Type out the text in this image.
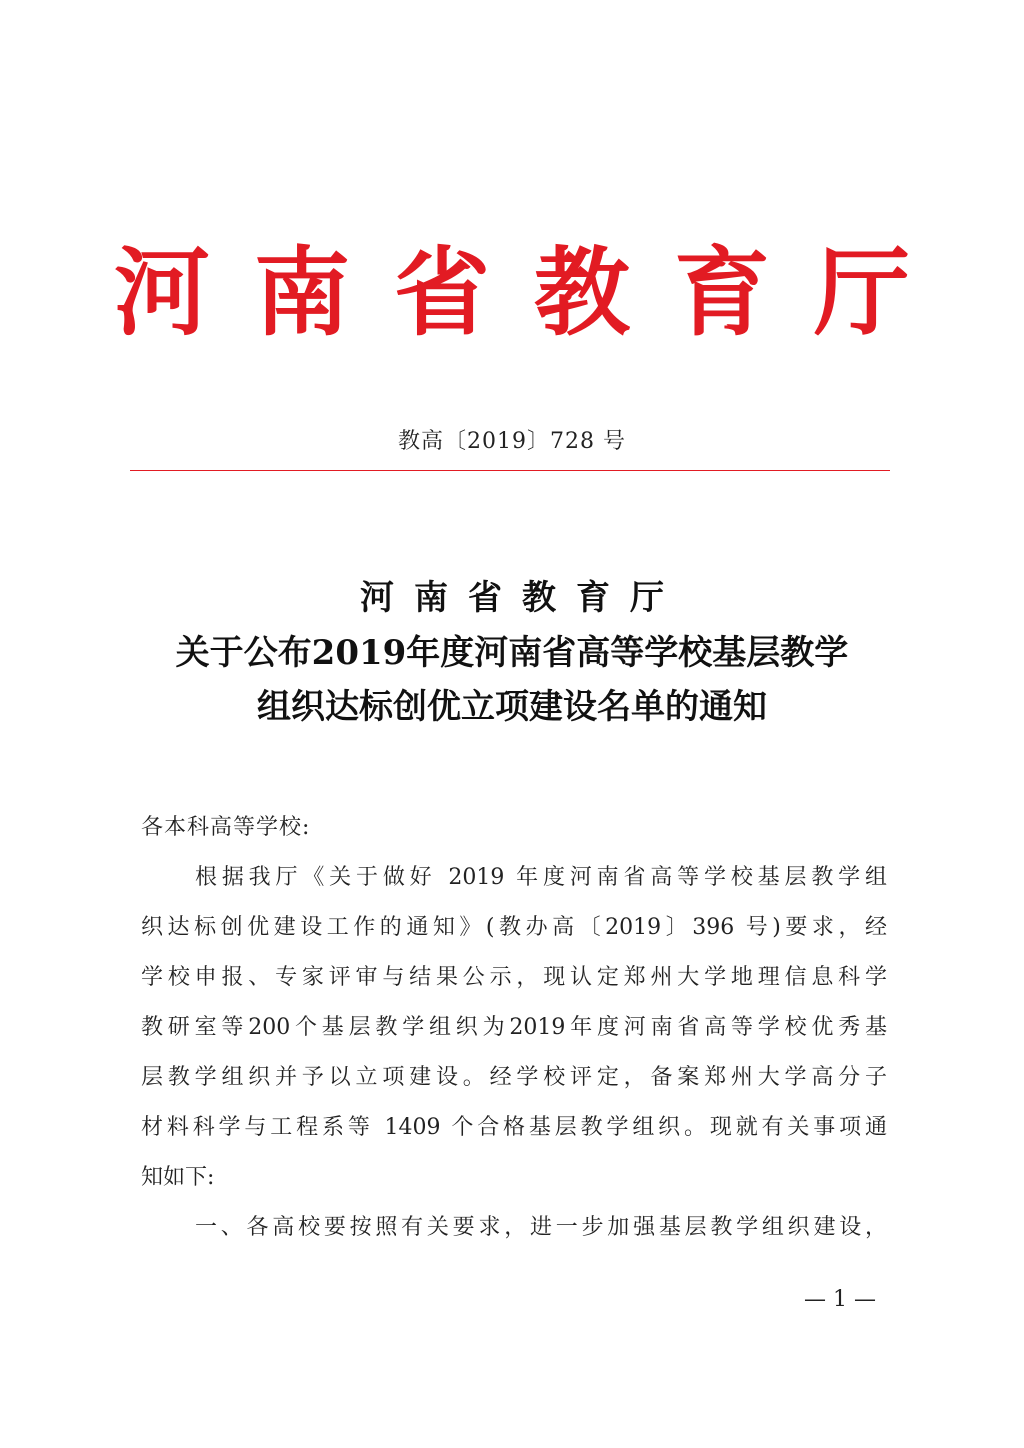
河 南 省 教 育 厅
教高〔2019〕728 号
河南省教育厅
关于公布2019年度河南省高等学校基层教学
组织达标创优立项建设名单的通知
各本科高等学校:
根据我厅《关于做好 2019 年度河南省高等学校基层教学组
织达标创优建设工作的通知》(教办高〔2019〕396 号)要求，经
学校申报、专家评审与结果公示，现认定郑州大学地理信息科学
教研室等200个基层教学组织为2019年度河南省高等学校优秀基
层教学组织并予以立项建设。经学校评定，备案郑州大学高分子
材料科学与工程系等 1409 个合格基层教学组织。现就有关事项通
知如下:
一、各高校要按照有关要求，进一步加强基层教学组织建设，
— 1 —
